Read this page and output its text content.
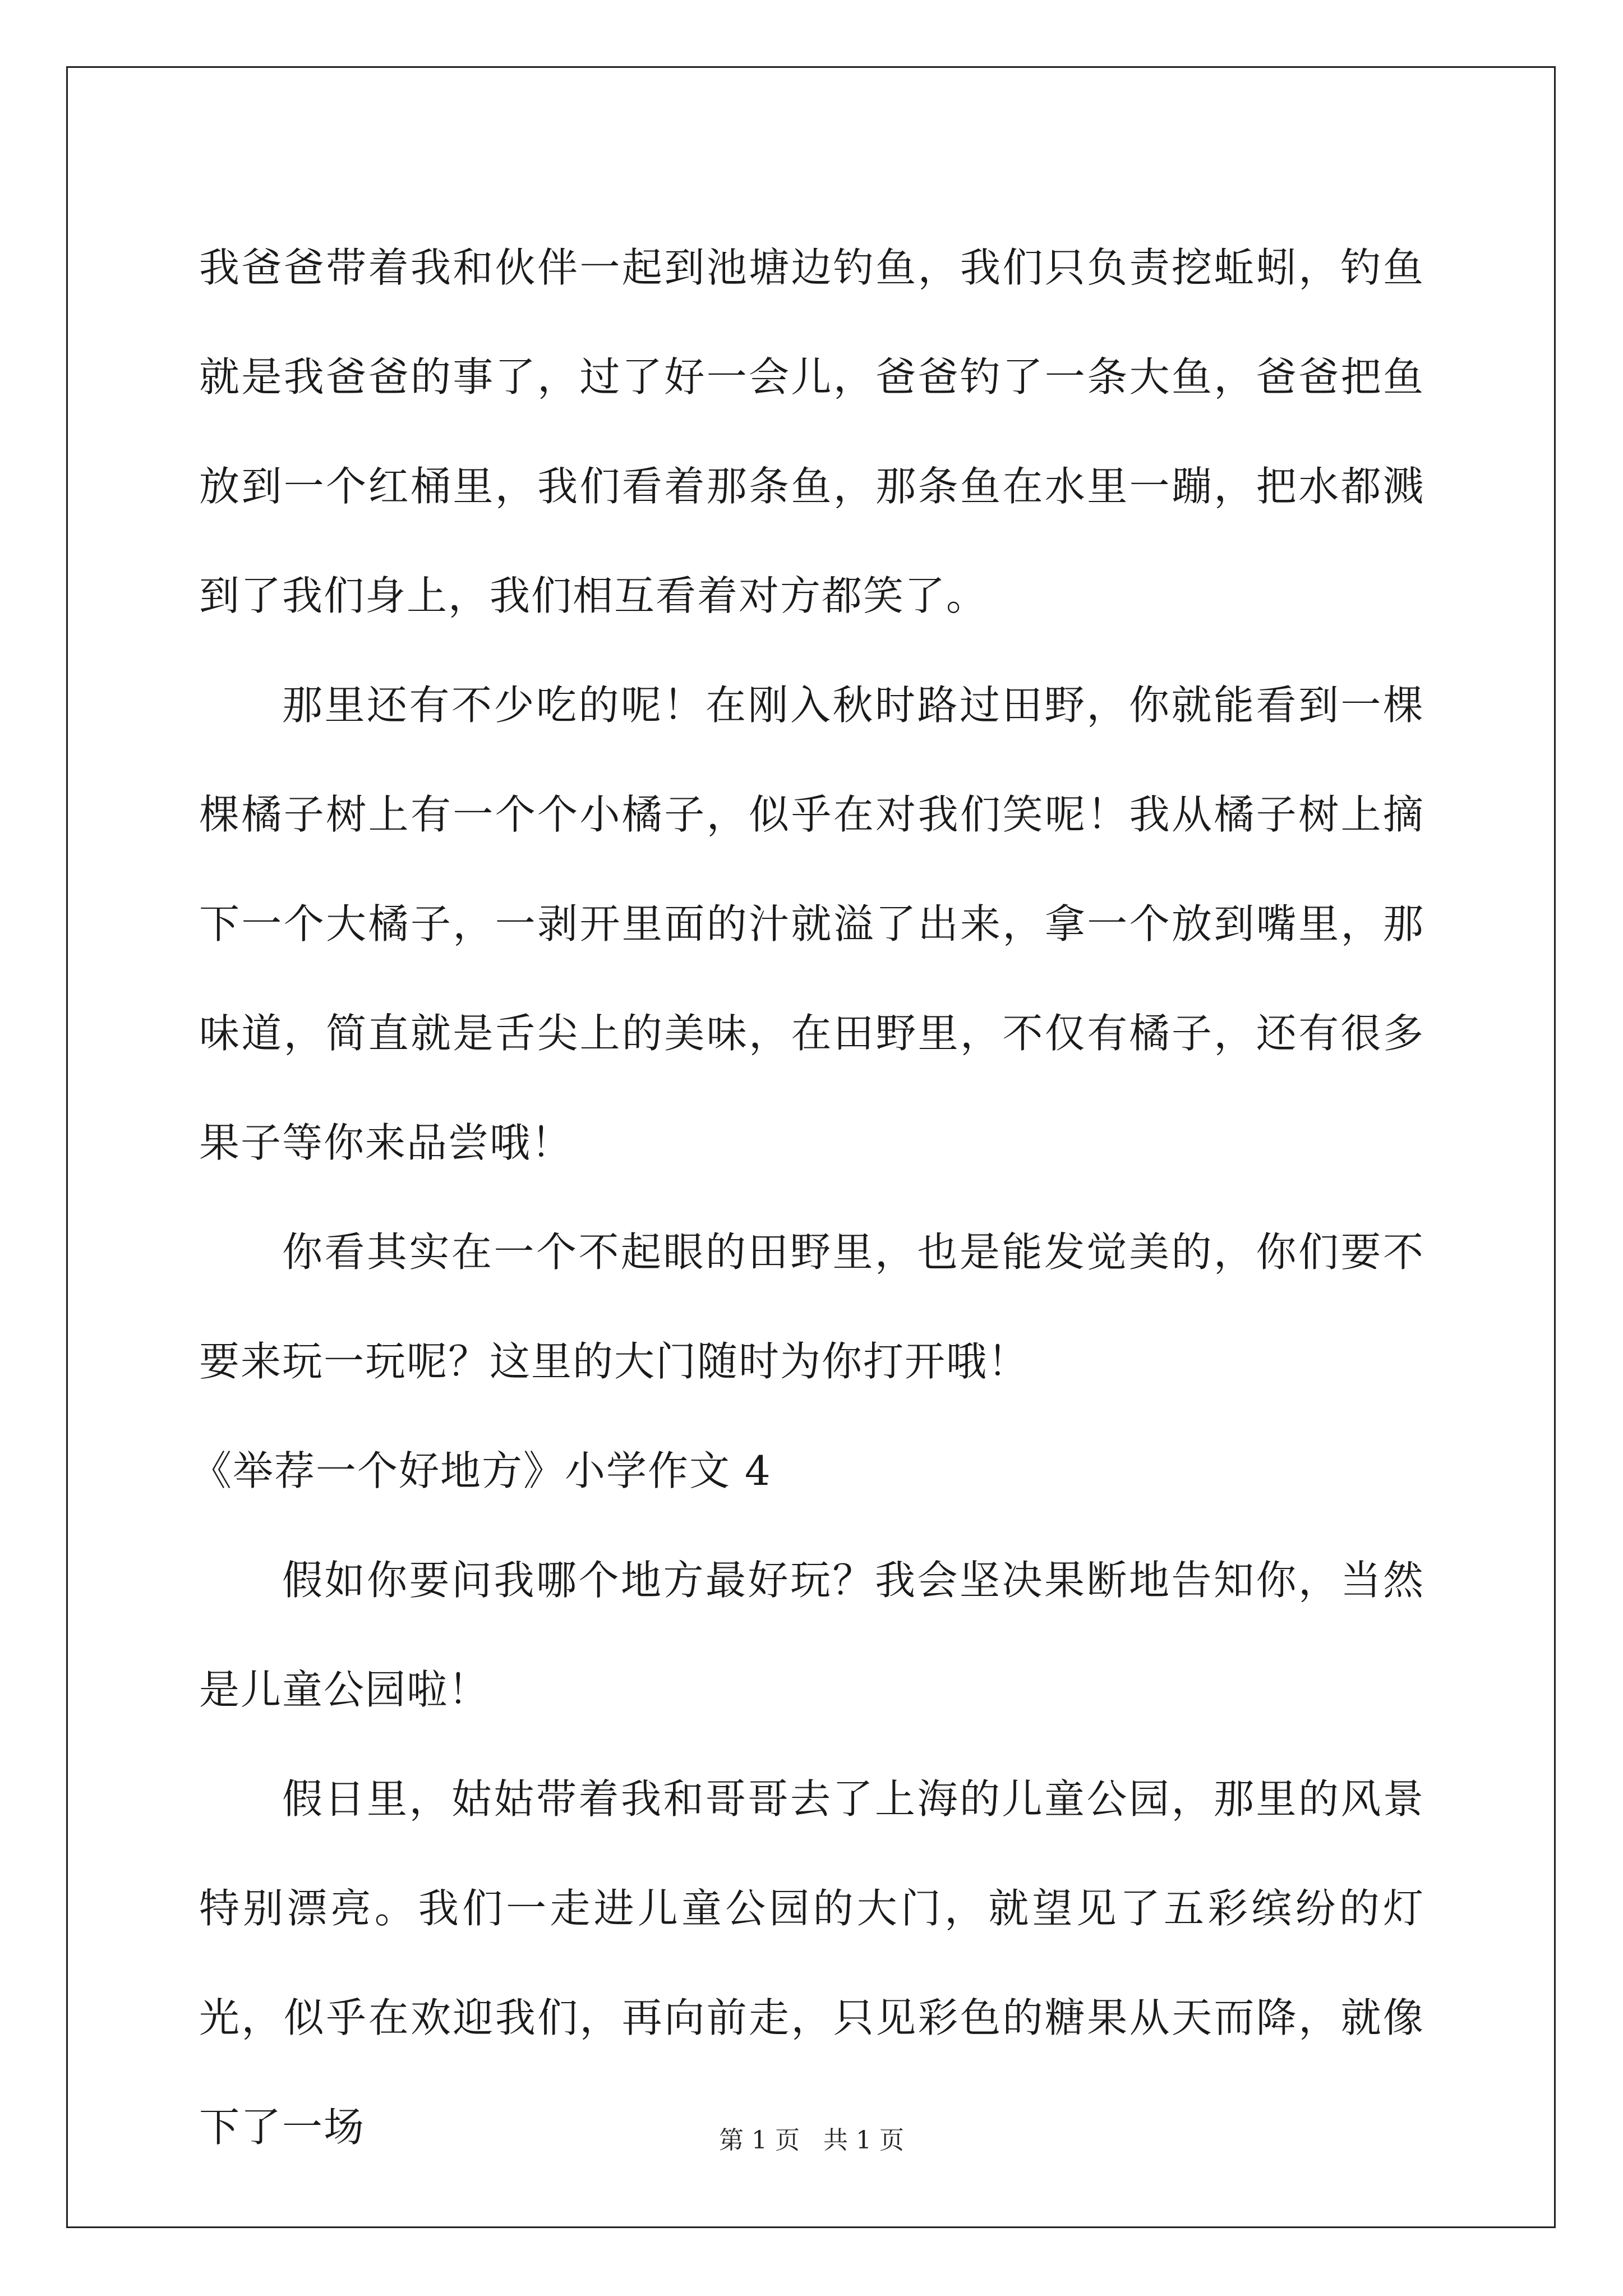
我爸爸带着我和伙伴一起到池塘边钓鱼，我们只负责挖蚯蚓，钓鱼就是我爸爸的事了，过了好一会儿，爸爸钓了一条大鱼，爸爸把鱼放到一个红桶里，我们看着那条鱼，那条鱼在水里一蹦，把水都溅到了我们身上，我们相互看着对方都笑了。

那里还有不少吃的呢！在刚入秋时路过田野，你就能看到一棵棵橘子树上有一个个小橘子，似乎在对我们笑呢！我从橘子树上摘下一个大橘子，一剥开里面的汁就溢了出来，拿一个放到嘴里，那味道，简直就是舌尖上的美味，在田野里，不仅有橘子，还有很多果子等你来品尝哦！

你看其实在一个不起眼的田野里，也是能发觉美的，你们要不要来玩一玩呢？这里的大门随时为你打开哦！

《举荐一个好地方》小学作文 4

假如你要问我哪个地方最好玩？我会坚决果断地告知你，当然是儿童公园啦！

假日里，姑姑带着我和哥哥去了上海的儿童公园，那里的风景特别漂亮。我们一走进儿童公园的大门，就望见了五彩缤纷的灯光，似乎在欢迎我们，再向前走，只见彩色的糖果从天而降，就像下了一场	第 1 页 共 1 页
